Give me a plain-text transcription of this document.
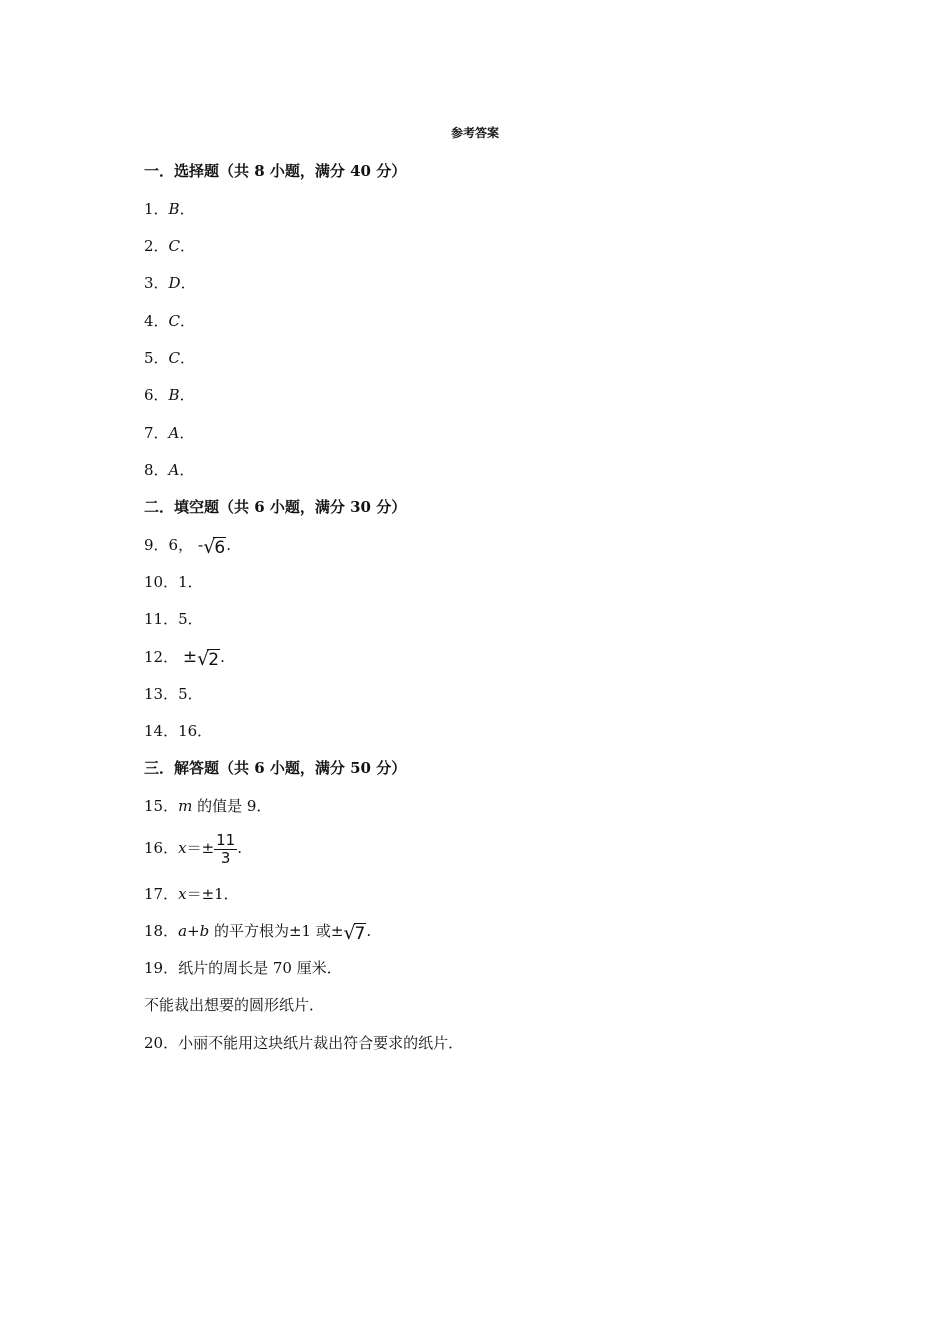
参考答案
一．选择题（共 8 小题，满分 40 分）
1．B．
2．C．
3．D．
4．C．
5．C．
6．B．
7．A．
8．A．
二．填空题（共 6 小题，满分 30 分）
9．6， -√6.
10．1．
11．5．
12． ±√2.
13．5．
14．16．
三．解答题（共 6 小题，满分 50 分）
15．m 的值是 9．
16．$x=\pm \frac{11}{3}$ .
17．x＝±1．
18．a+b 的平方根为±1 或±√7.
19．纸片的周长是 70 厘米．
不能裁出想要的圆形纸片．
20．小丽不能用这块纸片裁出符合要求的纸片．
